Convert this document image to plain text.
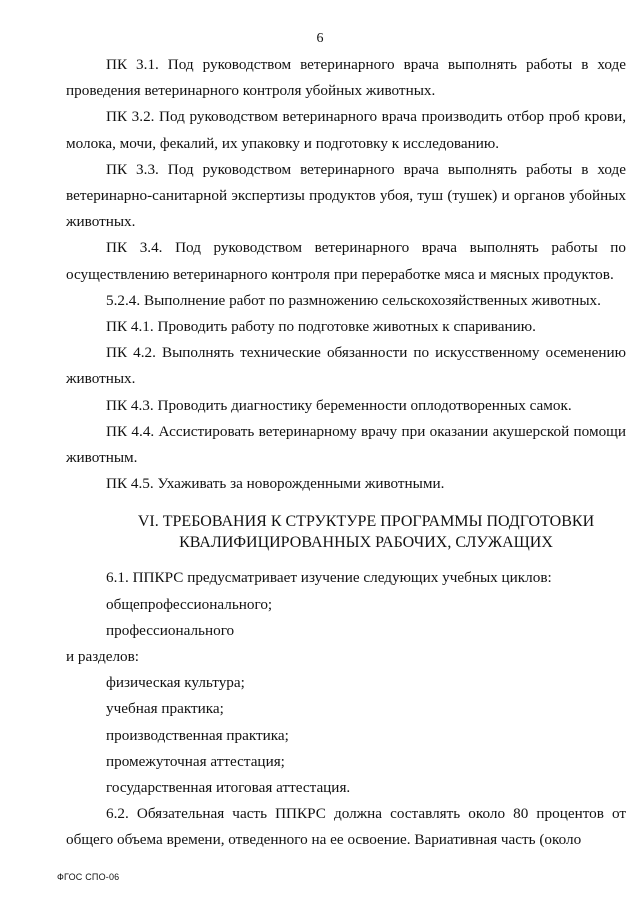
6

ПК 3.1. Под руководством ветеринарного врача выполнять работы в ходе проведения ветеринарного контроля убойных животных.

ПК 3.2. Под руководством ветеринарного врача производить отбор проб крови, молока, мочи, фекалий, их упаковку и подготовку к исследованию.

ПК 3.3. Под руководством ветеринарного врача выполнять работы в ходе ветеринарно-санитарной экспертизы продуктов убоя, туш (тушек) и органов убойных животных.

ПК 3.4. Под руководством ветеринарного врача выполнять работы по осуществлению ветеринарного контроля при переработке мяса и мясных продуктов.

5.2.4. Выполнение работ по размножению сельскохозяйственных животных.

ПК 4.1. Проводить работу по подготовке животных к спариванию.

ПК 4.2. Выполнять технические обязанности по искусственному осеменению животных.

ПК 4.3. Проводить диагностику беременности оплодотворенных самок.

ПК 4.4. Ассистировать ветеринарному врачу при оказании акушерской помощи животным.

ПК 4.5. Ухаживать за новорожденными животными.

VI. ТРЕБОВАНИЯ К СТРУКТУРЕ ПРОГРАММЫ ПОДГОТОВКИ
КВАЛИФИЦИРОВАННЫХ РАБОЧИХ, СЛУЖАЩИХ

6.1. ППКРС предусматривает изучение следующих учебных циклов:

общепрофессионального;

профессионального

и разделов:

физическая культура;

учебная практика;

производственная практика;

промежуточная аттестация;

государственная итоговая аттестация.

6.2. Обязательная часть ППКРС должна составлять около 80 процентов от общего объема времени, отведенного на ее освоение. Вариативная часть (около

ФГОС СПО-06
